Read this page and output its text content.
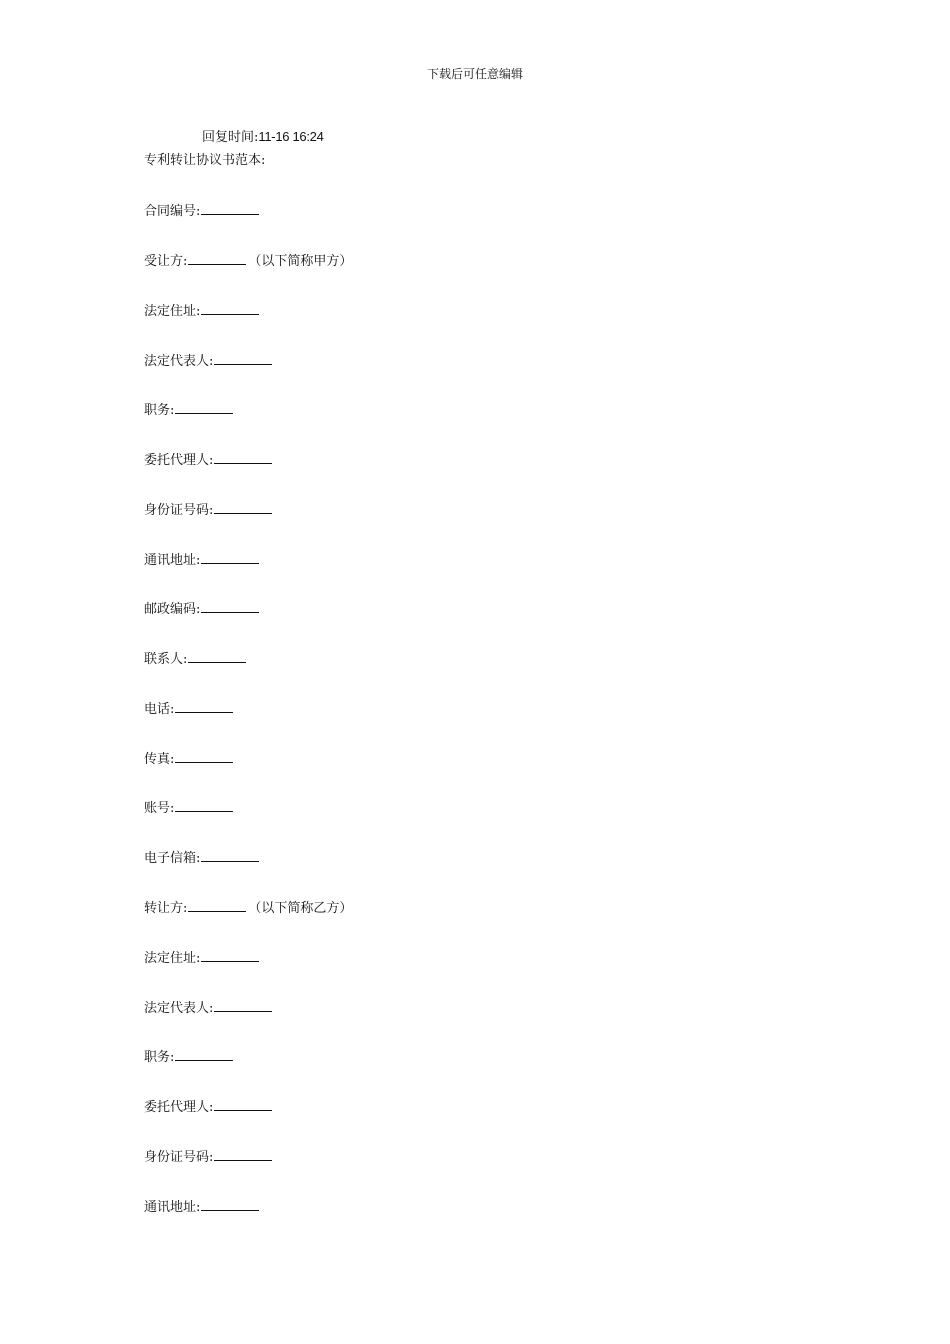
下载后可任意编辑
回复时间:11-16 16:24
专利转让协议书范本:
合同编号:
受让方:	（以下简称甲方）
法定住址:
法定代表人:
职务:
委托代理人:
身份证号码:
通讯地址:
邮政编码:
联系人:
电话:
传真:
账号:
电子信箱:
转让方:	（以下简称乙方）
法定住址:
法定代表人:
职务:
委托代理人:
身份证号码:
通讯地址:
